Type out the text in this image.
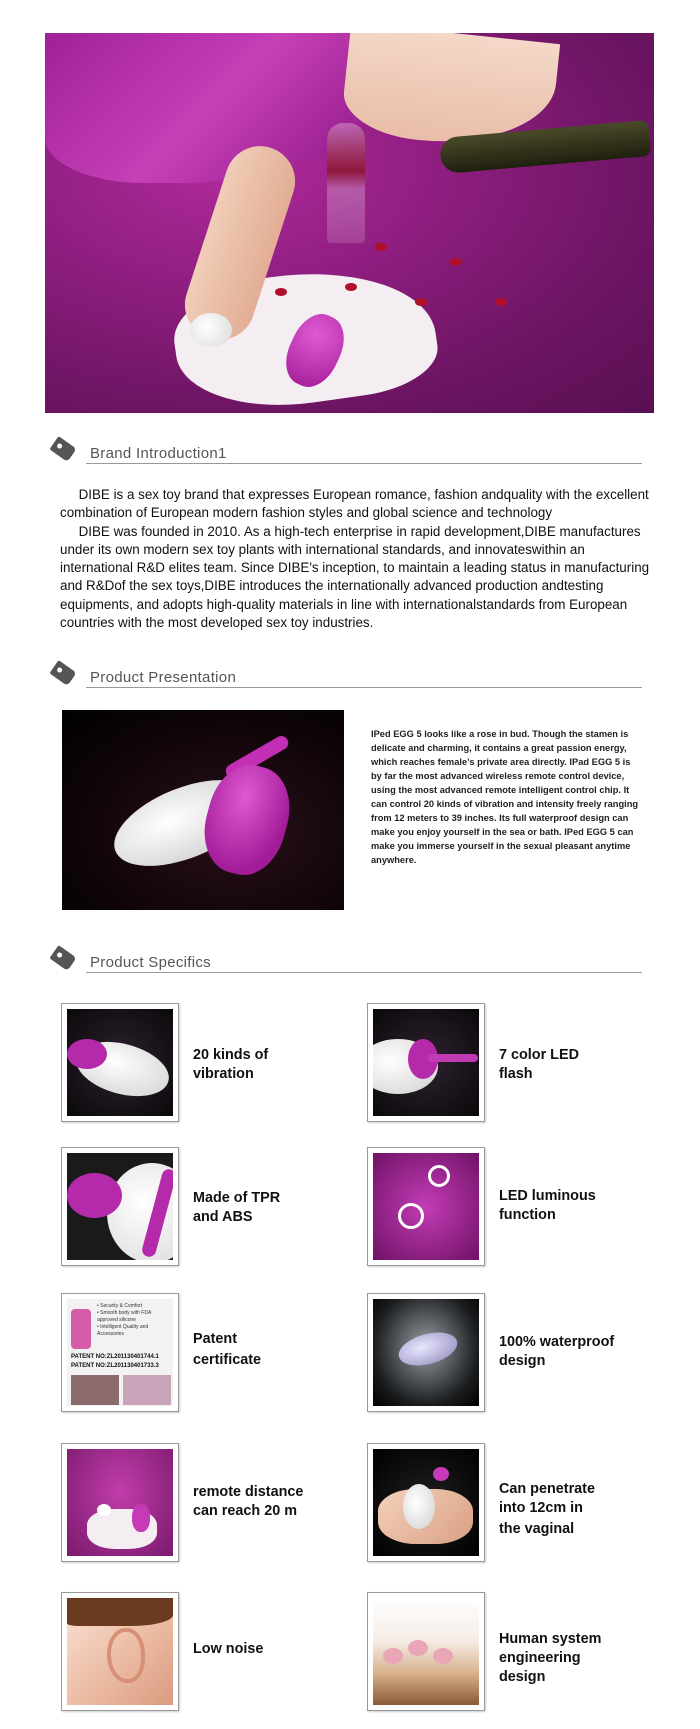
Brand Introduction1

DIBE is a sex toy brand that expresses European romance, fashion andquality with the excellent combination of European modern fashion styles and global science and technology

DIBE was founded in 2010. As a high-tech enterprise in rapid development,DIBE manufactures under its own modern sex toy plants with international standards, and innovateswithin an international R&D elites team. Since DIBE's inception, to maintain a leading status in manufacturing and R&Dof the sex toys,DIBE introduces the internationally advanced production andtesting equipments, and adopts high-quality materials in line with internationalstandards from European countries with the most developed sex toy industries.

Product Presentation
IPed EGG 5 looks like a rose in bud. Though the stamen is delicate and charming, it contains a great passion energy, which reaches female’s private area directly. IPad EGG 5 is by far the most advanced wireless remote control device, using the most advanced remote intelligent control chip. It can control 20 kinds of vibration and intensity freely ranging from 12 meters to 39 inches. Its full waterproof design can make you enjoy yourself in the sea or bath. IPed EGG 5 can make you immerse yourself in the sexual pleasant anytime anywhere.
Product Specifics
20 kinds of
vibration
7 color LED
flash
Made of TPR
and ABS
LED luminous
function
• Security & Comfort
• Smooth body with FDA approved silicone
• Intelligent Quality and Accessories
PATENT NO:ZL201130401744.1
PATENT NO:ZL201130401733.3
Patent
certificate
100% waterproof
design
remote distance
can reach 20 m
Can penetrate
into 12cm in
the vaginal
Low noise
Human system
engineering
design
